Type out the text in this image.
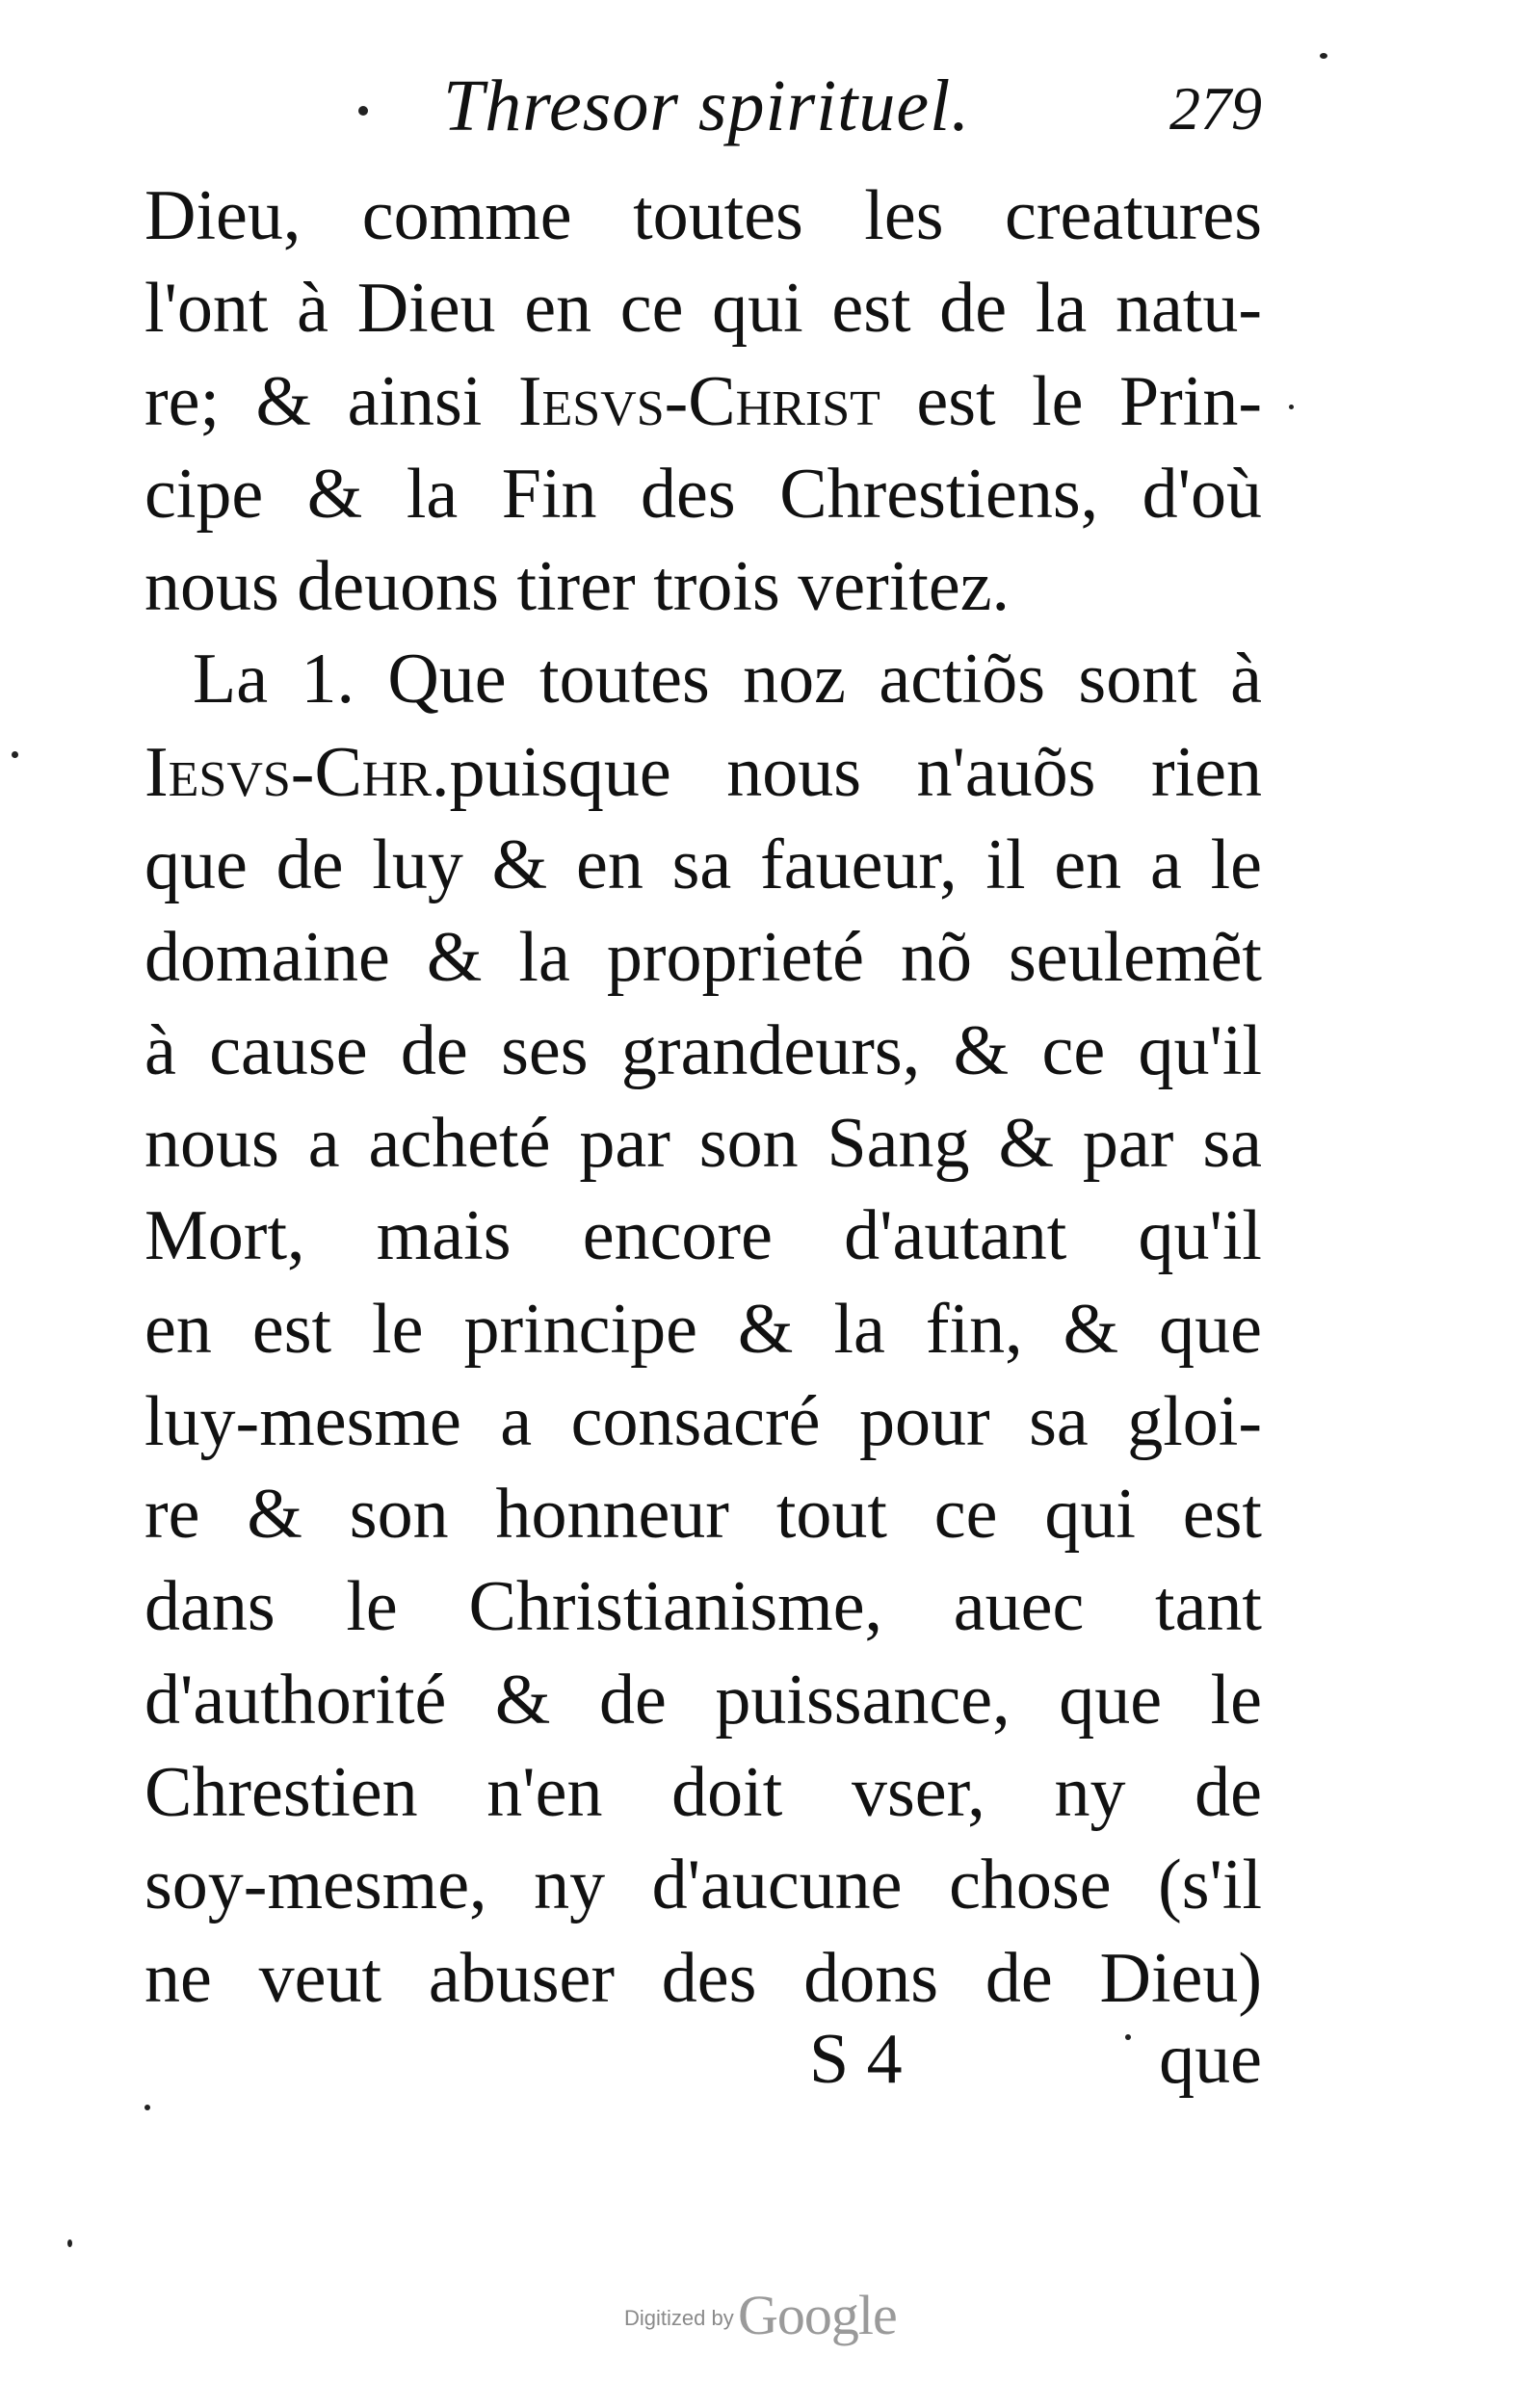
Thresor spirituel.	279
Dieu, comme toutes les creatures
l'ont à Dieu en ce qui est de la natu-
re; & ainsi Iesvs-Christ est le Prin-
cipe & la Fin des Chrestiens, d'où
nous deuons tirer trois veritez.
La 1. Que toutes noz actiõs sont à
Iesvs-Chr.puisque nous n'auõs rien
que de luy & en sa faueur, il en a le
domaine & la proprieté nõ seulemẽt
à cause de ses grandeurs, & ce qu'il
nous a acheté par son Sang & par sa
Mort, mais encore d'autant qu'il
en est le principe & la fin, & que
luy-mesme a consacré pour sa gloi-
re & son honneur tout ce qui est
dans le Christianisme, auec tant
d'authorité & de puissance, que le
Chrestien n'en doit vser, ny de
soy-mesme, ny d'aucune chose (s'il
ne veut abuser des dons de Dieu)
S 4	que
Digitized by Google
